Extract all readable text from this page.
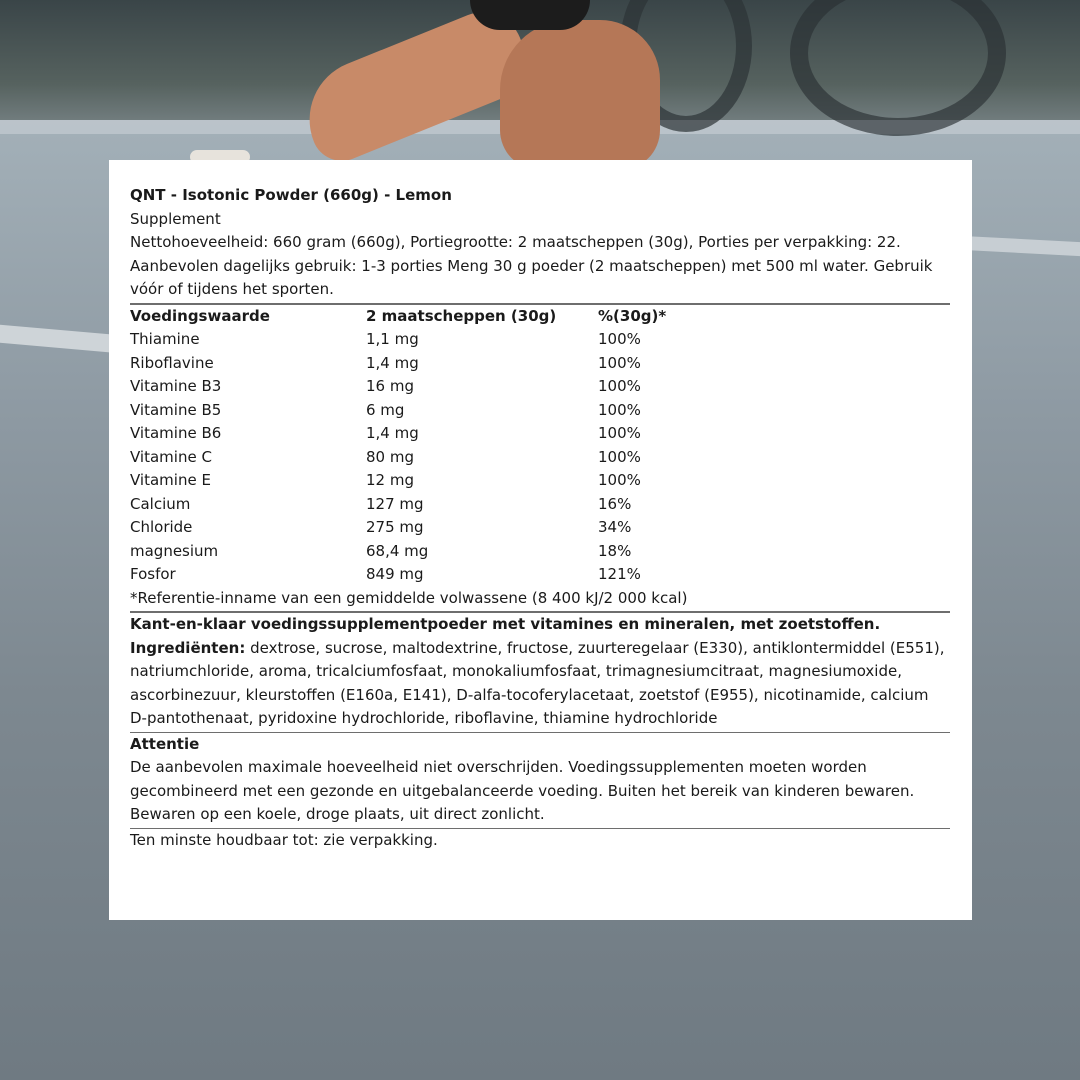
QNT - Isotonic Powder (660g) - Lemon
Supplement
Nettohoeveelheid: 660 gram (660g), Portiegrootte: 2 maatscheppen (30g), Porties per verpakking: 22. Aanbevolen dagelijks gebruik: 1-3 porties Meng 30 g poeder (2 maatscheppen) met 500 ml water. Gebruik vóór of tijdens het sporten.
Voedingswaarde	2 maatscheppen (30g)	%(30g)*
Thiamine	1,1 mg	100%
Riboflavine	1,4 mg	100%
Vitamine B3	16 mg	100%
Vitamine B5	6 mg	100%
Vitamine B6	1,4 mg	100%
Vitamine C	80 mg	100%
Vitamine E	12 mg	100%
Calcium	127 mg	16%
Chloride	275 mg	34%
magnesium	68,4 mg	18%
Fosfor	849 mg	121%
*Referentie-inname van een gemiddelde volwassene (8 400 kJ/2 000 kcal)
Kant-en-klaar voedingssupplementpoeder met vitamines en mineralen, met zoetstoffen.
Ingrediënten: dextrose, sucrose, maltodextrine, fructose, zuurteregelaar (E330), antiklontermiddel (E551), natriumchloride, aroma, tricalciumfosfaat, monokaliumfosfaat, trimagnesiumcitraat, magnesiumoxide, ascorbinezuur, kleurstoffen (E160a, E141), D-alfa-tocoferylacetaat, zoetstof (E955), nicotinamide, calcium D-pantothenaat, pyridoxine hydrochloride, riboflavine, thiamine hydrochloride
Attentie
De aanbevolen maximale hoeveelheid niet overschrijden. Voedingssupplementen moeten worden gecombineerd met een gezonde en uitgebalanceerde voeding. Buiten het bereik van kinderen bewaren. Bewaren op een koele, droge plaats, uit direct zonlicht.
Ten minste houdbaar tot: zie verpakking.
